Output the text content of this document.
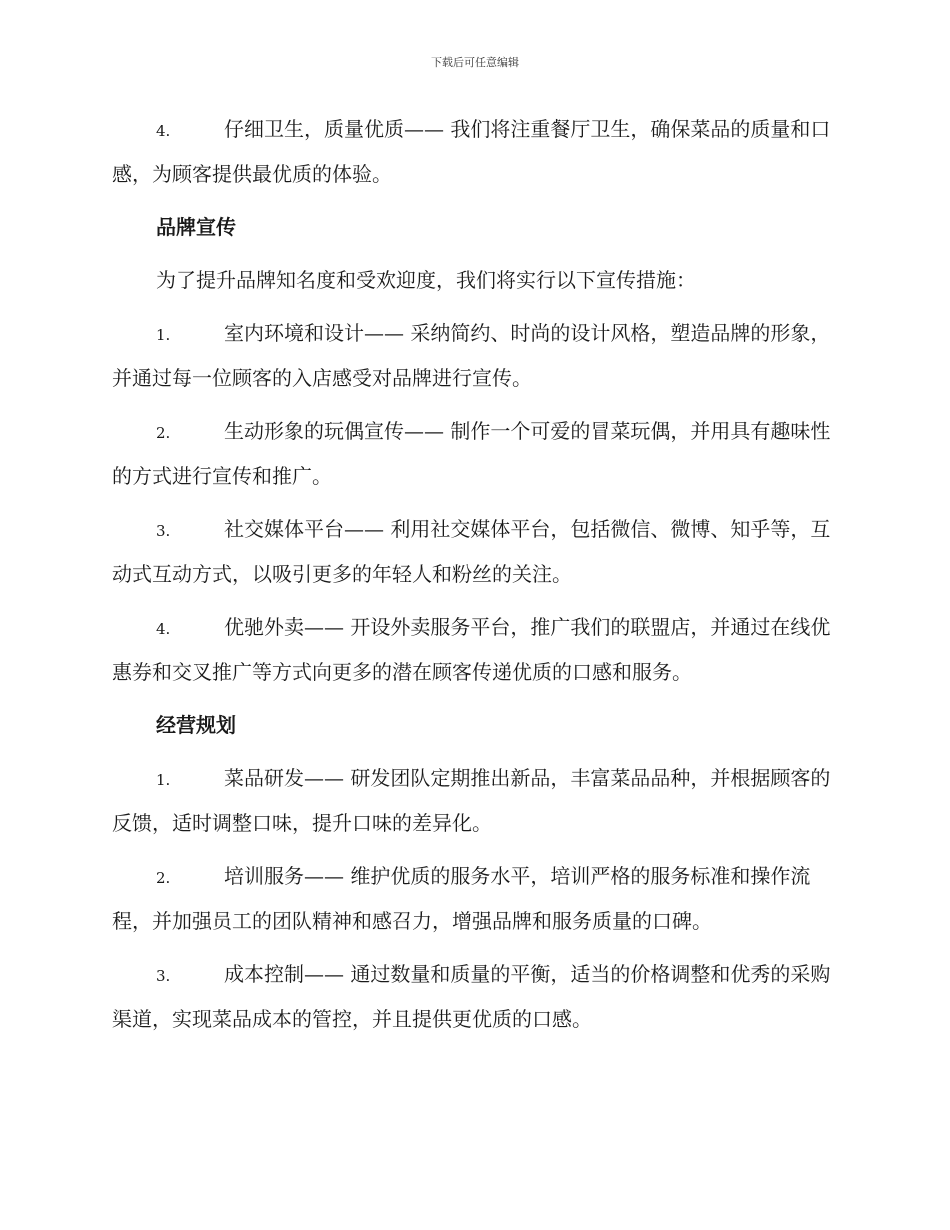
下载后可任意编辑

4.	仔细卫生，质量优质—— 我们将注重餐厅卫生，确保菜品的质量和口感，为顾客提供最优质的体验。

品牌宣传

为了提升品牌知名度和受欢迎度，我们将实行以下宣传措施：

1.	室内环境和设计—— 采纳简约、时尚的设计风格，塑造品牌的形象，并通过每一位顾客的入店感受对品牌进行宣传。

2.	生动形象的玩偶宣传—— 制作一个可爱的冒菜玩偶，并用具有趣味性的方式进行宣传和推广。

3.	社交媒体平台—— 利用社交媒体平台，包括微信、微博、知乎等，互动式互动方式，以吸引更多的年轻人和粉丝的关注。

4.	优驰外卖—— 开设外卖服务平台，推广我们的联盟店，并通过在线优惠券和交叉推广等方式向更多的潜在顾客传递优质的口感和服务。

经营规划

1.	菜品研发—— 研发团队定期推出新品，丰富菜品品种，并根据顾客的反馈，适时调整口味，提升口味的差异化。

2.	培训服务—— 维护优质的服务水平，培训严格的服务标准和操作流程，并加强员工的团队精神和感召力，增强品牌和服务质量的口碑。

3.	成本控制—— 通过数量和质量的平衡，适当的价格调整和优秀的采购渠道，实现菜品成本的管控，并且提供更优质的口感。
